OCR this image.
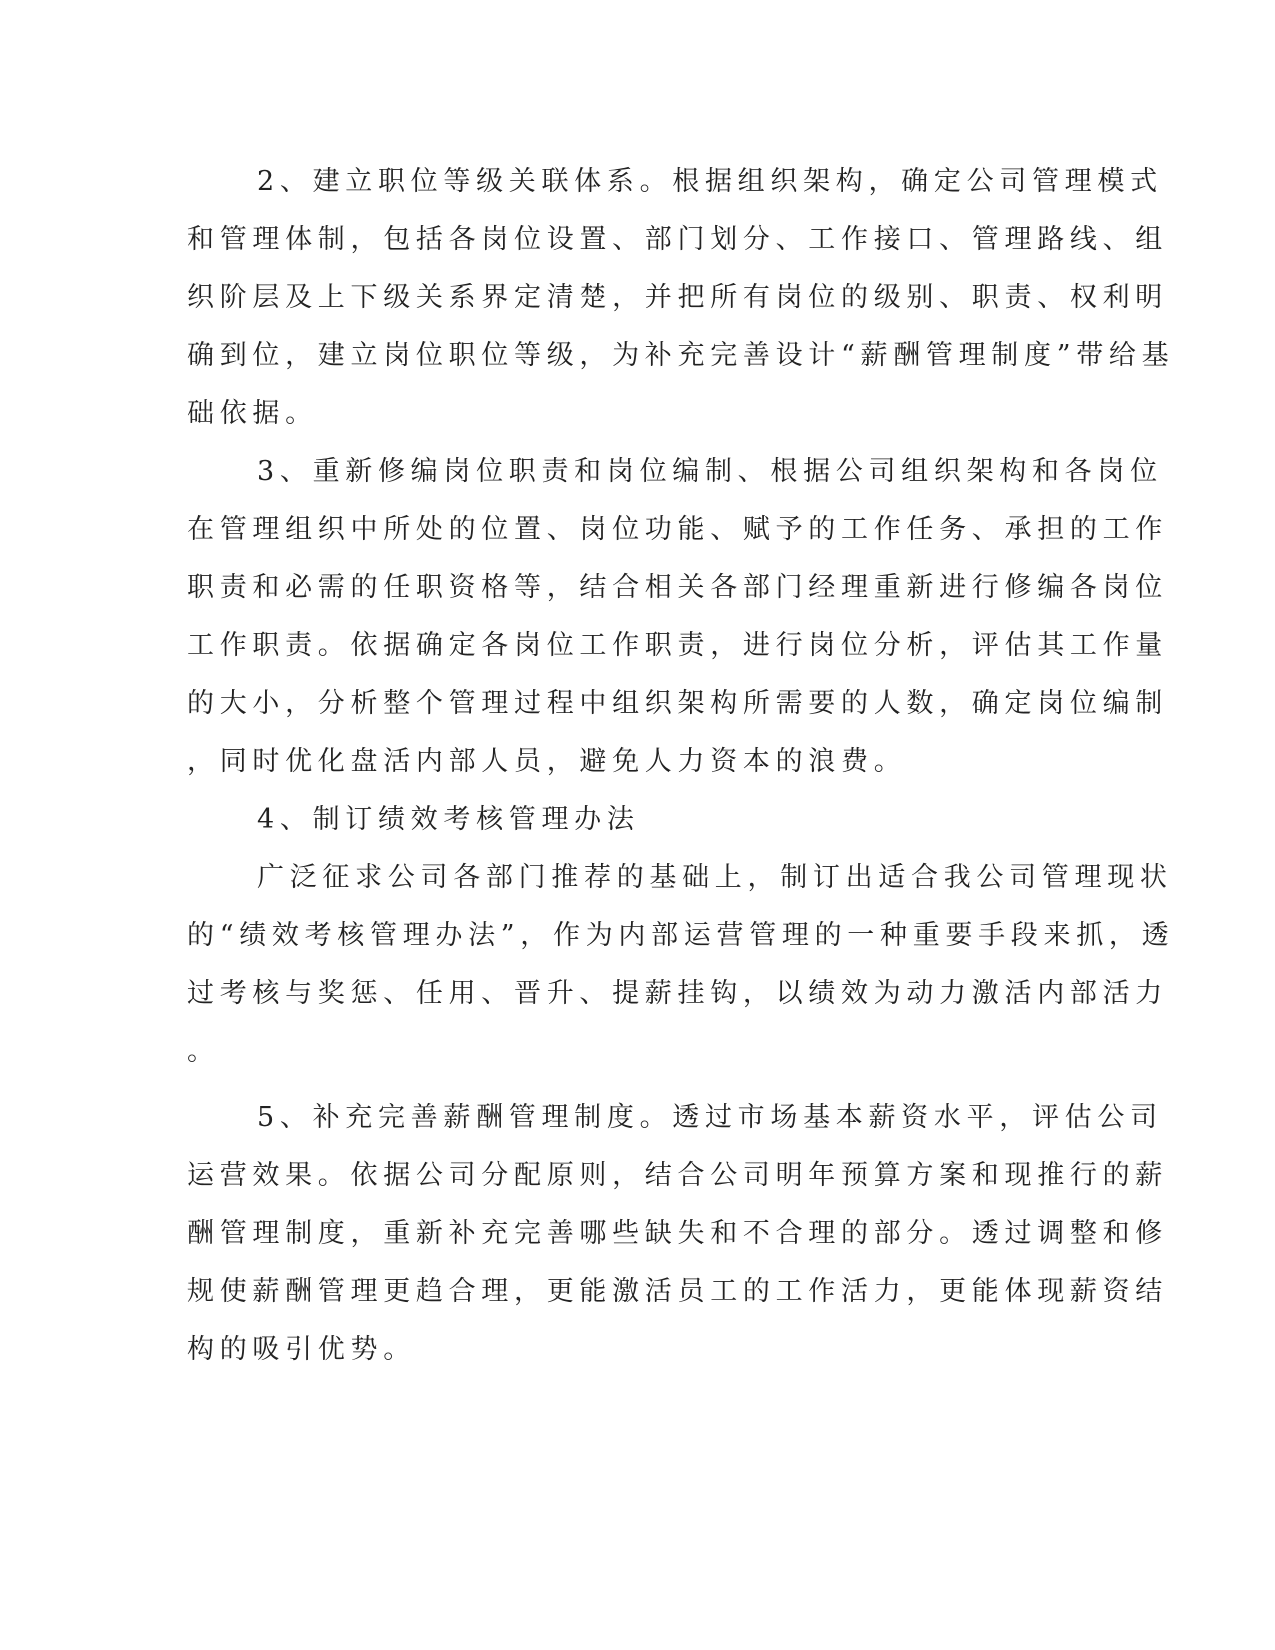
2、建立职位等级关联体系。根据组织架构，确定公司管理模式
和管理体制，包括各岗位设置、部门划分、工作接口、管理路线、组
织阶层及上下级关系界定清楚，并把所有岗位的级别、职责、权利明
确到位，建立岗位职位等级，为补充完善设计“薪酬管理制度”带给基
础依据。
3、重新修编岗位职责和岗位编制、根据公司组织架构和各岗位
在管理组织中所处的位置、岗位功能、赋予的工作任务、承担的工作
职责和必需的任职资格等，结合相关各部门经理重新进行修编各岗位
工作职责。依据确定各岗位工作职责，进行岗位分析，评估其工作量
的大小，分析整个管理过程中组织架构所需要的人数，确定岗位编制
，同时优化盘活内部人员，避免人力资本的浪费。
4、制订绩效考核管理办法
广泛征求公司各部门推荐的基础上，制订出适合我公司管理现状
的“绩效考核管理办法”，作为内部运营管理的一种重要手段来抓，透
过考核与奖惩、任用、晋升、提薪挂钩，以绩效为动力激活内部活力
。
5、补充完善薪酬管理制度。透过市场基本薪资水平，评估公司
运营效果。依据公司分配原则，结合公司明年预算方案和现推行的薪
酬管理制度，重新补充完善哪些缺失和不合理的部分。透过调整和修
规使薪酬管理更趋合理，更能激活员工的工作活力，更能体现薪资结
构的吸引优势。
